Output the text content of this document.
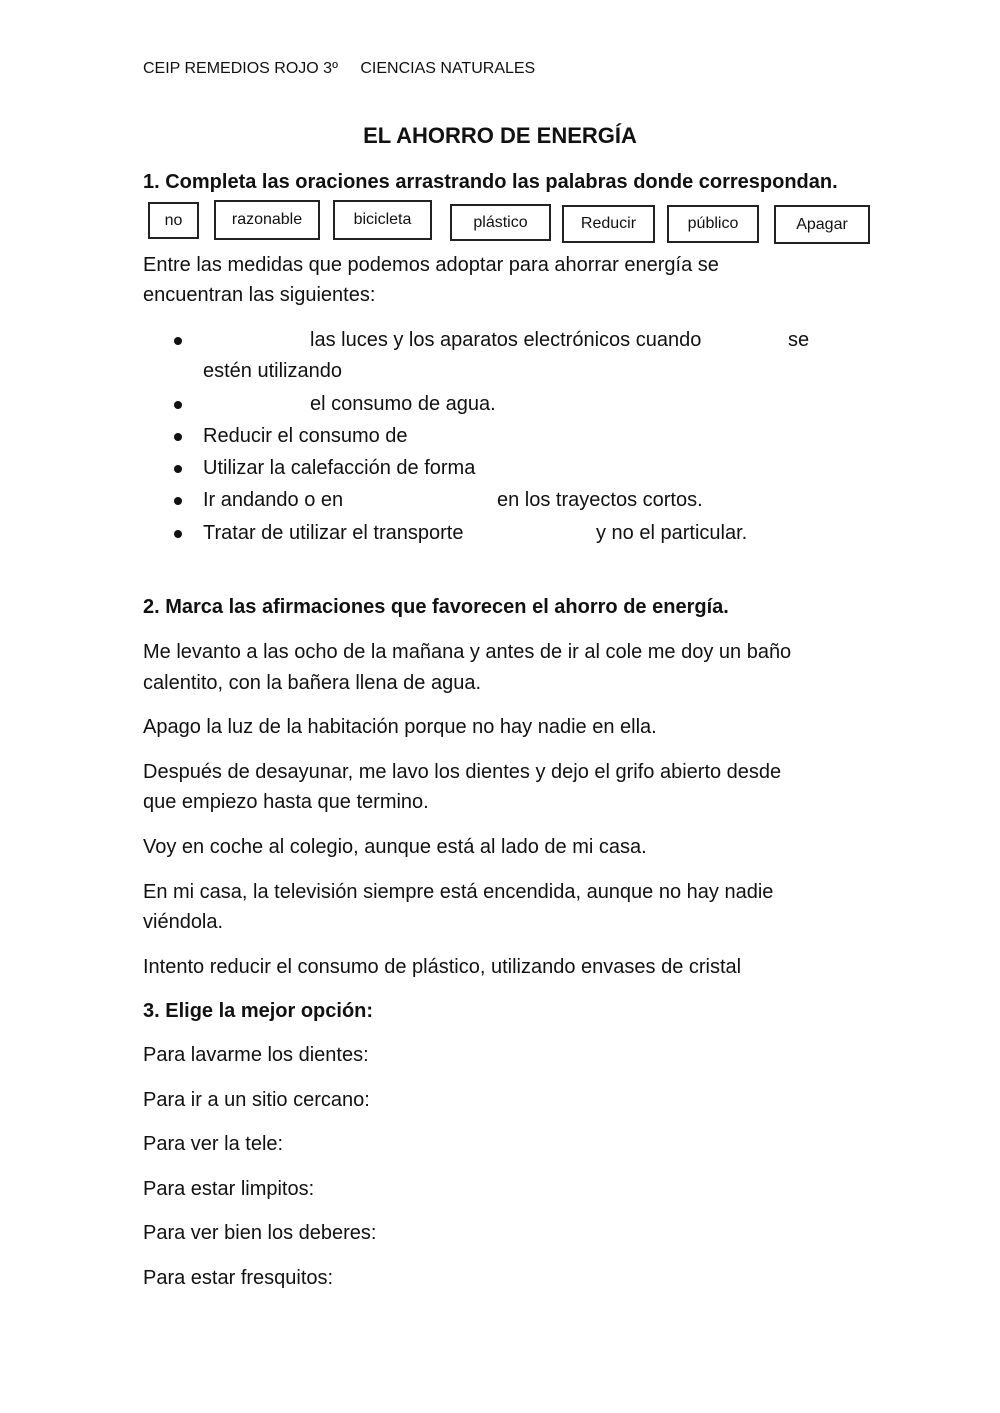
CEIP REMEDIOS ROJO 3º CIENCIAS NATURALES
EL AHORRO DE ENERGÍA
1. Completa las oraciones arrastrando las palabras donde correspondan.
no	razonable	bicicleta	plástico	Reducir	público	Apagar
Entre las medidas que podemos adoptar para ahorrar energía se
encuentran las siguientes:
las luces y los aparatos electrónicos cuando	se
estén utilizando
el consumo de agua.
Reducir el consumo de
Utilizar la calefacción de forma
Ir andando o en	en los trayectos cortos.
Tratar de utilizar el transporte	y no el particular.
2. Marca las afirmaciones que favorecen el ahorro de energía.
Me levanto a las ocho de la mañana y antes de ir al cole me doy un baño
calentito, con la bañera llena de agua.
Apago la luz de la habitación porque no hay nadie en ella.
Después de desayunar, me lavo los dientes y dejo el grifo abierto desde
que empiezo hasta que termino.
Voy en coche al colegio, aunque está al lado de mi casa.
En mi casa, la televisión siempre está encendida, aunque no hay nadie
viéndola.
Intento reducir el consumo de plástico, utilizando envases de cristal
3. Elige la mejor opción:
Para lavarme los dientes:
Para ir a un sitio cercano:
Para ver la tele:
Para estar limpitos:
Para ver bien los deberes:
Para estar fresquitos:
